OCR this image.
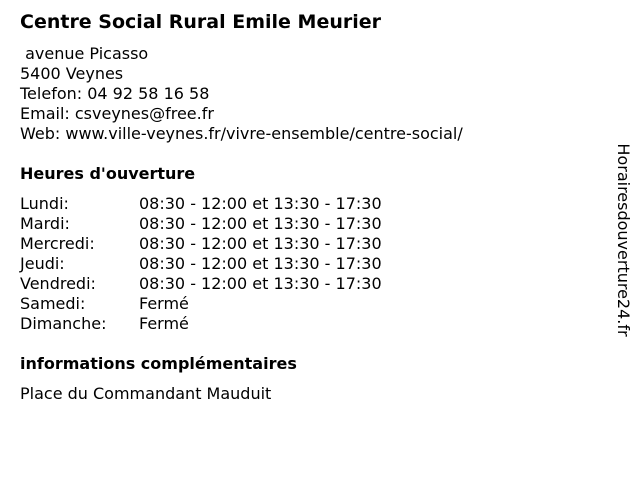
Centre Social Rural Emile Meurier
avenue Picasso
5400 Veynes
Telefon: 04 92 58 16 58
Email: csveynes@free.fr
Web: www.ville-veynes.fr/vivre-ensemble/centre-social/
Heures d'ouverture
Lundi:	08:30 - 12:00 et 13:30 - 17:30
Mardi:	08:30 - 12:00 et 13:30 - 17:30
Mercredi:	08:30 - 12:00 et 13:30 - 17:30
Jeudi:	08:30 - 12:00 et 13:30 - 17:30
Vendredi:	08:30 - 12:00 et 13:30 - 17:30
Samedi:	Fermé
Dimanche: Fermé
informations complémentaires
Place du Commandant Mauduit
Horairesdouverture24.fr
